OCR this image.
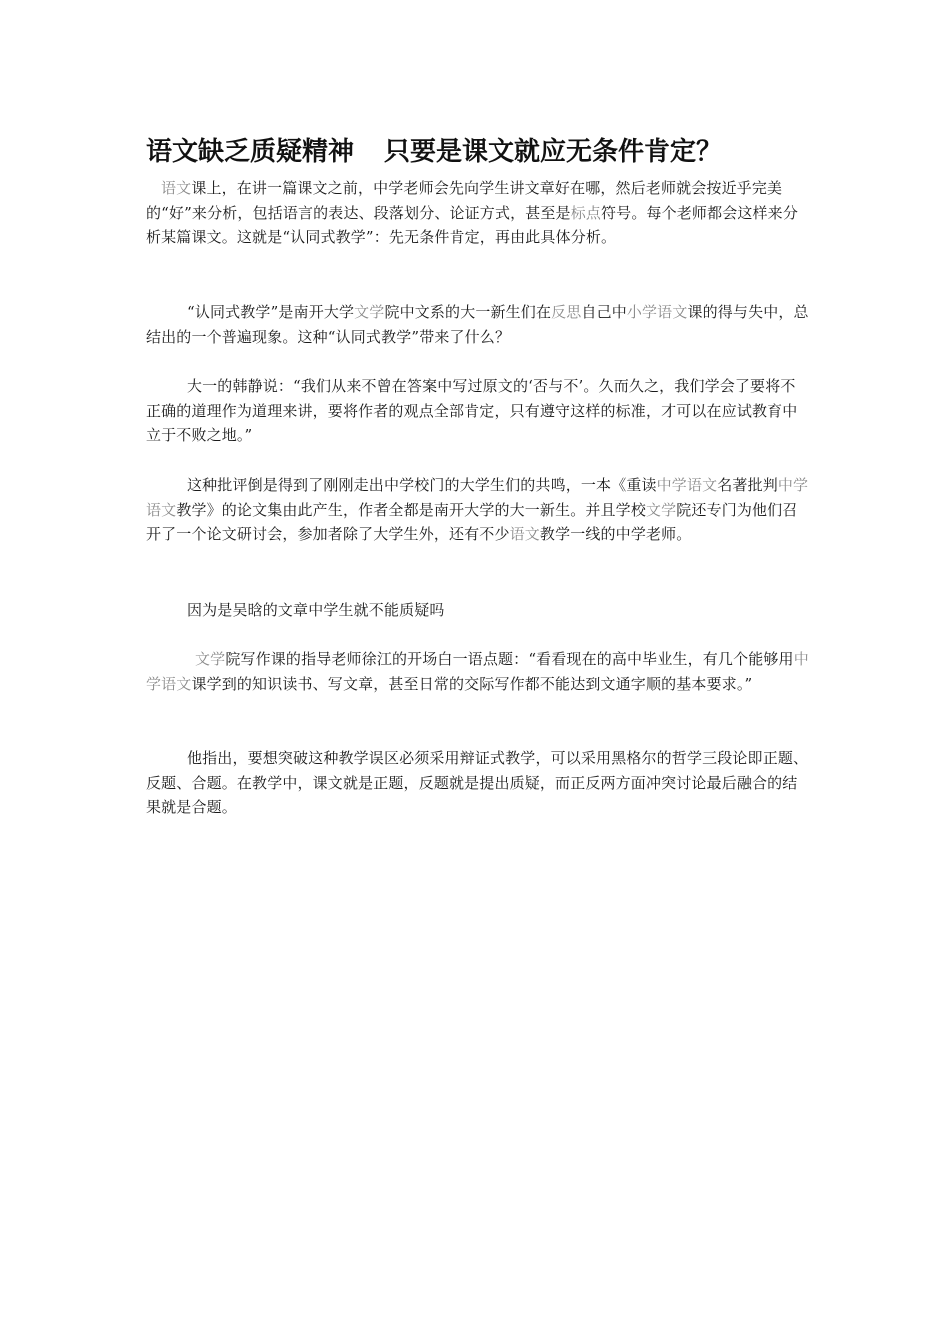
语文缺乏质疑精神 只要是课文就应无条件肯定？
语文课上，在讲一篇课文之前，中学老师会先向学生讲文章好在哪，然后老师就会按近乎完美的“好”来分析，包括语言的表达、段落划分、论证方式，甚至是标点符号。每个老师都会这样来分析某篇课文。这就是“认同式教学”：先无条件肯定，再由此具体分析。
“认同式教学”是南开大学文学院中文系的大一新生们在反思自己中小学语文课的得与失中，总结出的一个普遍现象。这种“认同式教学”带来了什么？
大一的韩静说：“我们从来不曾在答案中写过原文的‘否与不’。久而久之，我们学会了要将不正确的道理作为道理来讲，要将作者的观点全部肯定，只有遵守这样的标准，才可以在应试教育中立于不败之地。”
这种批评倒是得到了刚刚走出中学校门的大学生们的共鸣，一本《重读中学语文名著批判中学语文教学》的论文集由此产生，作者全都是南开大学的大一新生。并且学校文学院还专门为他们召开了一个论文研讨会，参加者除了大学生外，还有不少语文教学一线的中学老师。
因为是吴晗的文章中学生就不能质疑吗
文学院写作课的指导老师徐江的开场白一语点题：“看看现在的高中毕业生，有几个能够用中学语文课学到的知识读书、写文章，甚至日常的交际写作都不能达到文通字顺的基本要求。”
他指出，要想突破这种教学误区必须采用辩证式教学，可以采用黑格尔的哲学三段论即正题、反题、合题。在教学中，课文就是正题，反题就是提出质疑，而正反两方面冲突讨论最后融合的结果就是合题。
